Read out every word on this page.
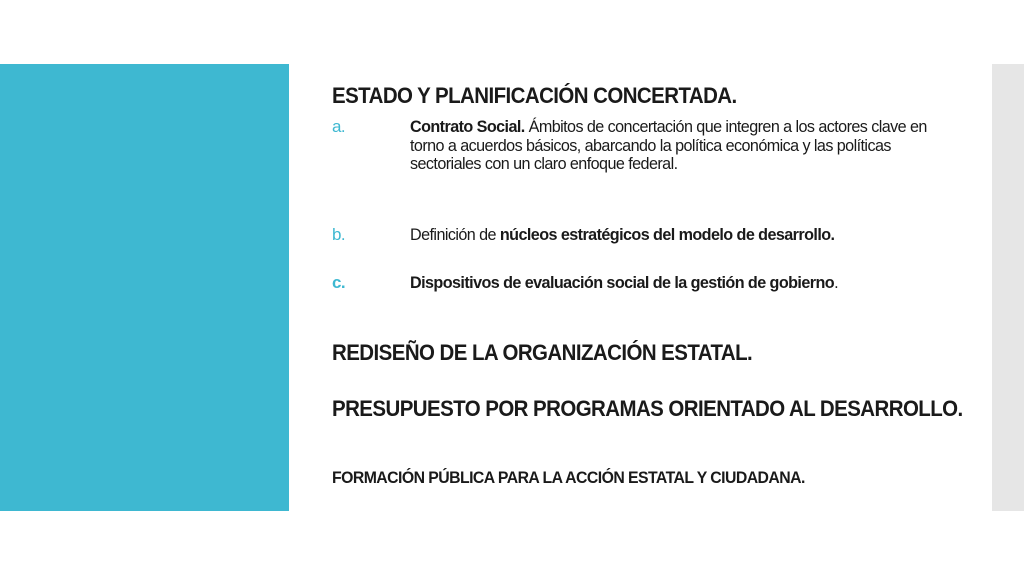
ESTADO Y PLANIFICACIÓN CONCERTADA.

a.	Contrato Social. Ámbitos de concertación que integren a los actores clave en torno a acuerdos básicos, abarcando la política económica y las políticas sectoriales con un claro enfoque federal.
b.	Definición de núcleos estratégicos del modelo de desarrollo.
c.	Dispositivos de evaluación social de la gestión de gobierno.

REDISEÑO DE LA ORGANIZACIÓN ESTATAL.

PRESUPUESTO POR PROGRAMAS ORIENTADO AL DESARROLLO.

FORMACIÓN PÚBLICA PARA LA ACCIÓN ESTATAL Y CIUDADANA.
